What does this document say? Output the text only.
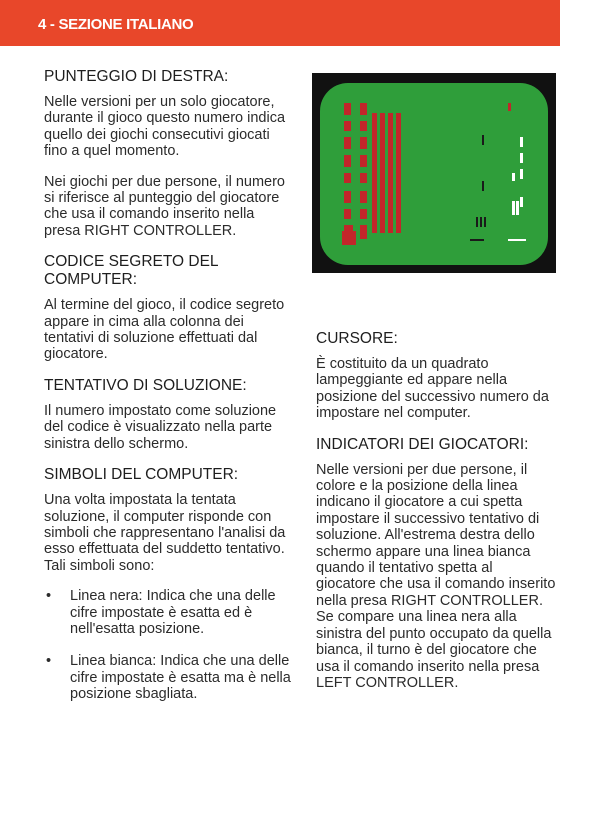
4 - SEZIONE ITALIANO
PUNTEGGIO DI DESTRA:

Nelle versioni per un solo giocatore, durante il gioco questo numero indica quello dei giochi consecutivi giocati fino a quel momento.

Nei giochi per due persone, il numero si riferisce al punteggio del giocatore che usa il comando inserito nella presa RIGHT CONTROLLER.

CODICE SEGRETO DEL COMPUTER:

Al termine del gioco, il codice segreto appare in cima alla colonna dei tentativi di soluzione effettuati dal giocatore.

TENTATIVO DI SOLUZIONE:

Il numero impostato come soluzione del codice è visualizzato nella parte sinistra dello schermo.

SIMBOLI DEL COMPUTER:

Una volta impostata la tentata soluzione, il computer risponde con simboli che rappresentano l'analisi da esso effettuata del suddetto tentativo. Tali simboli sono:

• Linea nera: Indica che una delle cifre impostate è esatta ed è nell'esatta posizione.
• Linea bianca: Indica che una delle cifre impostate è esatta ma è nella posizione sbagliata.
CURSORE:

È costituito da un quadrato lampeggiante ed appare nella posizione del successivo numero da impostare nel computer.

INDICATORI DEI GIOCATORI:

Nelle versioni per due persone, il colore e la posizione della linea indicano il giocatore a cui spetta impostare il successivo tentativo di soluzione. All'estrema destra dello schermo appare una linea bianca quando il tentativo spetta al giocatore che usa il comando inserito nella presa RIGHT CONTROLLER. Se compare una linea nera alla sinistra del punto occupato da quella bianca, il turno è del giocatore che usa il comando inserito nella presa LEFT CONTROLLER.
